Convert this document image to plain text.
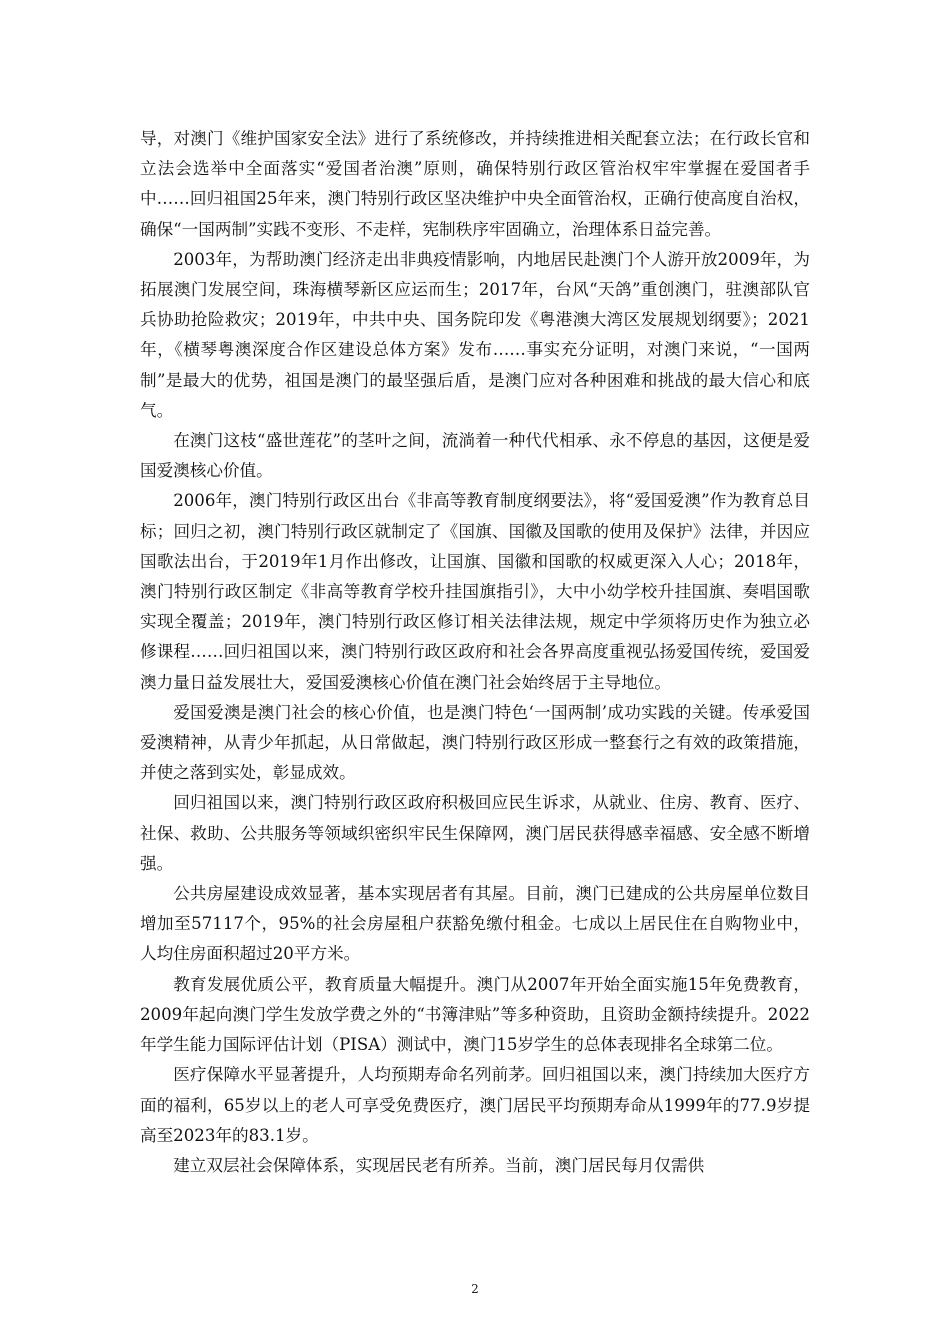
导，对澳门《维护国家安全法》进行了系统修改，并持续推进相关配套立法；在行政长官和立法会选举中全面落实“爱国者治澳”原则，确保特别行政区管治权牢牢掌握在爱国者手中……回归祖国25年来，澳门特别行政区坚决维护中央全面管治权，正确行使高度自治权，确保“一国两制”实践不变形、不走样，宪制秩序牢固确立，治理体系日益完善。

2003年，为帮助澳门经济走出非典疫情影响，内地居民赴澳门个人游开放2009年，为拓展澳门发展空间，珠海横琴新区应运而生；2017年，台风“天鸽”重创澳门，驻澳部队官兵协助抢险救灾；2019年，中共中央、国务院印发《粤港澳大湾区发展规划纲要》；2021年，《横琴粤澳深度合作区建设总体方案》发布……事实充分证明，对澳门来说，“一国两制”是最大的优势，祖国是澳门的最坚强后盾，是澳门应对各种困难和挑战的最大信心和底气。

在澳门这枝“盛世莲花”的茎叶之间，流淌着一种代代相承、永不停息的基因，这便是爱国爱澳核心价值。

2006年，澳门特别行政区出台《非高等教育制度纲要法》，将“爱国爱澳”作为教育总目标；回归之初，澳门特别行政区就制定了《国旗、国徽及国歌的使用及保护》法律，并因应国歌法出台，于2019年1月作出修改，让国旗、国徽和国歌的权威更深入人心；2018年，澳门特别行政区制定《非高等教育学校升挂国旗指引》，大中小幼学校升挂国旗、奏唱国歌实现全覆盖；2019年，澳门特别行政区修订相关法律法规，规定中学须将历史作为独立必修课程……回归祖国以来，澳门特别行政区政府和社会各界高度重视弘扬爱国传统，爱国爱澳力量日益发展壮大，爱国爱澳核心价值在澳门社会始终居于主导地位。

爱国爱澳是澳门社会的核心价值，也是澳门特色‘一国两制’成功实践的关键。传承爱国爱澳精神，从青少年抓起，从日常做起，澳门特别行政区形成一整套行之有效的政策措施，并使之落到实处，彰显成效。

回归祖国以来，澳门特别行政区政府积极回应民生诉求，从就业、住房、教育、医疗、社保、救助、公共服务等领域织密织牢民生保障网，澳门居民获得感幸福感、安全感不断增强。

公共房屋建设成效显著，基本实现居者有其屋。目前，澳门已建成的公共房屋单位数目增加至57117个，95%的社会房屋租户获豁免缴付租金。七成以上居民住在自购物业中，人均住房面积超过20平方米。

教育发展优质公平，教育质量大幅提升。澳门从2007年开始全面实施15年免费教育，2009年起向澳门学生发放学费之外的“书簿津贴”等多种资助，且资助金额持续提升。2022年学生能力国际评估计划（PISA）测试中，澳门15岁学生的总体表现排名全球第二位。

医疗保障水平显著提升，人均预期寿命名列前茅。回归祖国以来，澳门持续加大医疗方面的福利，65岁以上的老人可享受免费医疗，澳门居民平均预期寿命从1999年的77.9岁提高至2023年的83.1岁。

建立双层社会保障体系，实现居民老有所养。当前，澳门居民每月仅需供

2
